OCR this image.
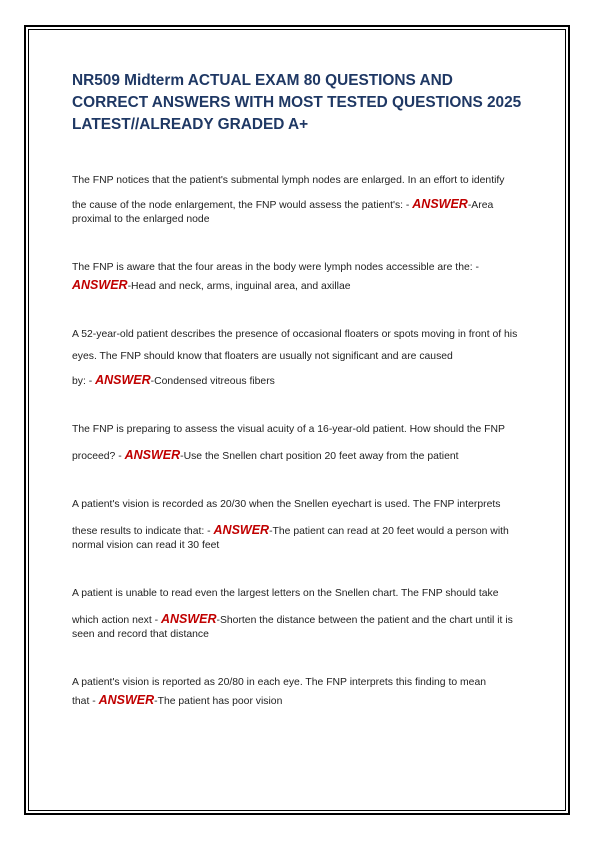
NR509 Midterm ACTUAL EXAM 80 QUESTIONS AND CORRECT ANSWERS WITH MOST TESTED QUESTIONS 2025 LATEST//ALREADY GRADED A+

The FNP notices that the patient's submental lymph nodes are enlarged. In an effort to identify

the cause of the node enlargement, the FNP would assess the patient's: - ANSWER-Area proximal to the enlarged node

The FNP is aware that the four areas in the body were lymph nodes accessible are the: -

ANSWER-Head and neck, arms, inguinal area, and axillae

A 52-year-old patient describes the presence of occasional floaters or spots moving in front of his

eyes. The FNP should know that floaters are usually not significant and are caused

by: - ANSWER-Condensed vitreous fibers

The FNP is preparing to assess the visual acuity of a 16-year-old patient. How should the FNP

proceed? - ANSWER-Use the Snellen chart position 20 feet away from the patient

A patient's vision is recorded as 20/30 when the Snellen eyechart is used. The FNP interprets

these results to indicate that: - ANSWER-The patient can read at 20 feet would a person with normal vision can read it 30 feet

A patient is unable to read even the largest letters on the Snellen chart. The FNP should take

which action next - ANSWER-Shorten the distance between the patient and the chart until it is seen and record that distance

A patient's vision is reported as 20/80 in each eye. The FNP interprets this finding to mean

that - ANSWER-The patient has poor vision
